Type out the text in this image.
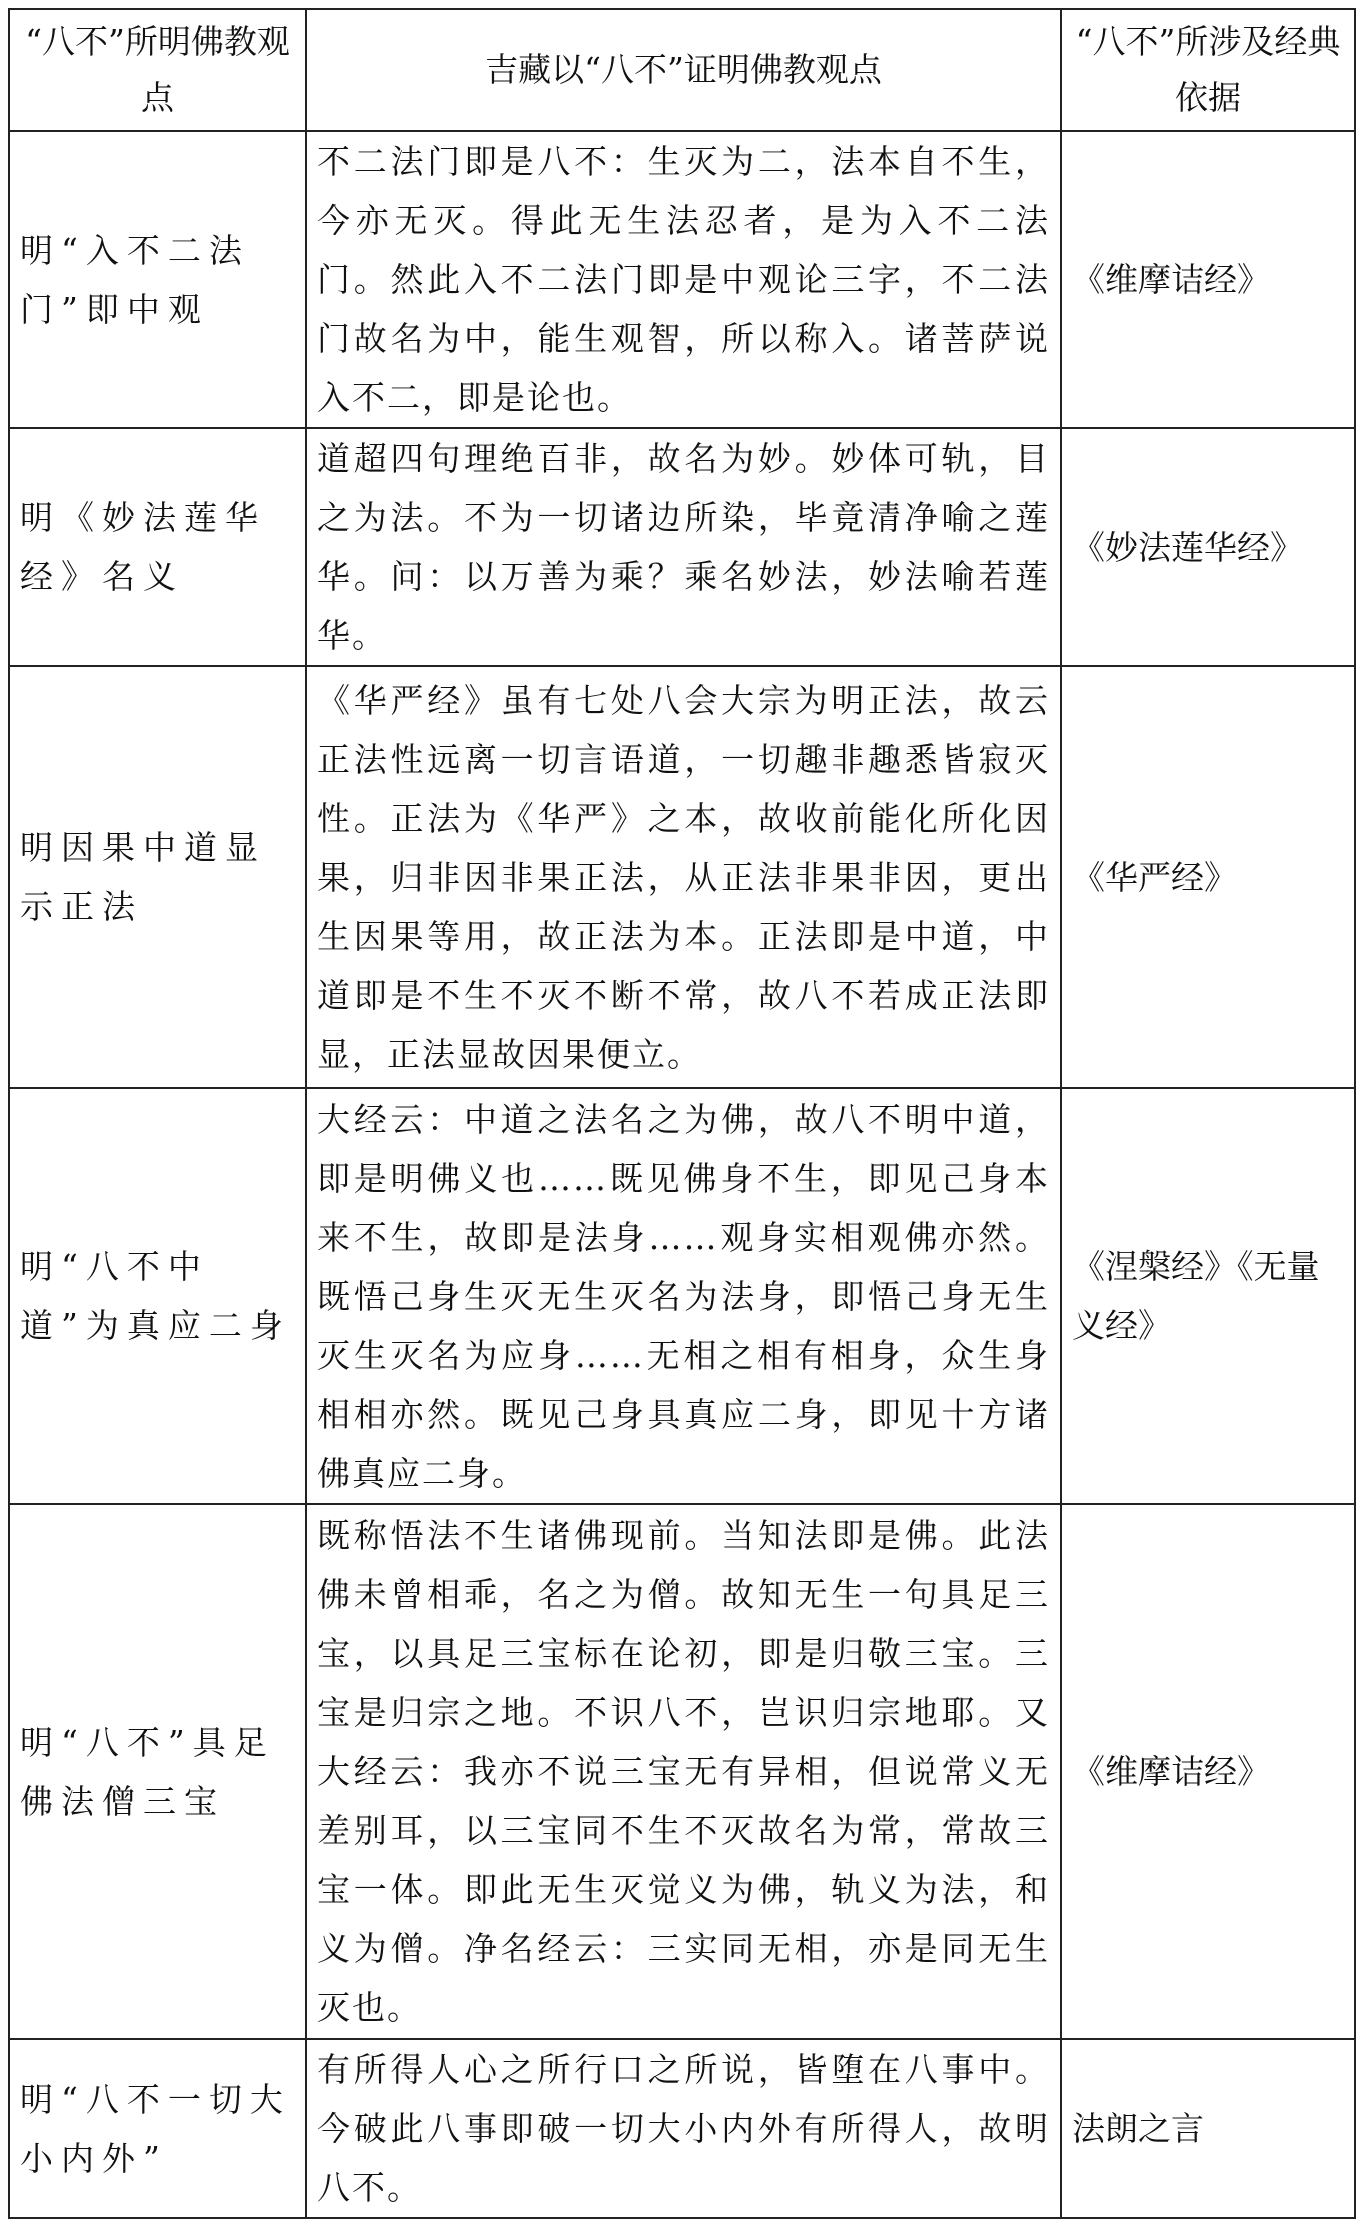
“八不”所明佛教观点	吉藏以“八不”证明佛教观点	“八不”所涉及经典依据
明“入不二法门”即中观	不二法门即是八不：生灭为二，法本自不生，今亦无灭。得此无生法忍者，是为入不二法门。然此入不二法门即是中观论三字，不二法门故名为中，能生观智，所以称入。诸菩萨说入不二，即是论也。	《维摩诘经》
明《妙法莲华经》名义	道超四句理绝百非，故名为妙。妙体可轨，目之为法。不为一切诸边所染，毕竟清净喻之莲华。问：以万善为乘？乘名妙法，妙法喻若莲华。	《妙法莲华经》
明因果中道显示正法	《华严经》虽有七处八会大宗为明正法，故云正法性远离一切言语道，一切趣非趣悉皆寂灭性。正法为《华严》之本，故收前能化所化因果，归非因非果正法，从正法非果非因，更出生因果等用，故正法为本。正法即是中道，中道即是不生不灭不断不常，故八不若成正法即显，正法显故因果便立。	《华严经》
明“八不中道”为真应二身	大经云：中道之法名之为佛，故八不明中道，即是明佛义也……既见佛身不生，即见己身本来不生，故即是法身……观身实相观佛亦然。既悟己身生灭无生灭名为法身，即悟己身无生灭生灭名为应身……无相之相有相身，众生身相相亦然。既见己身具真应二身，即见十方诸佛真应二身。	《涅槃经》《无量义经》
明“八不”具足佛法僧三宝	既称悟法不生诸佛现前。当知法即是佛。此法佛未曾相乖，名之为僧。故知无生一句具足三宝，以具足三宝标在论初，即是归敬三宝。三宝是归宗之地。不识八不，岂识归宗地耶。又大经云：我亦不说三宝无有异相，但说常义无差别耳，以三宝同不生不灭故名为常，常故三宝一体。即此无生灭觉义为佛，轨义为法，和义为僧。净名经云：三实同无相，亦是同无生灭也。	《维摩诘经》
明“八不一切大小内外”	有所得人心之所行口之所说，皆堕在八事中。今破此八事即破一切大小内外有所得人，故明八不。	法朗之言
